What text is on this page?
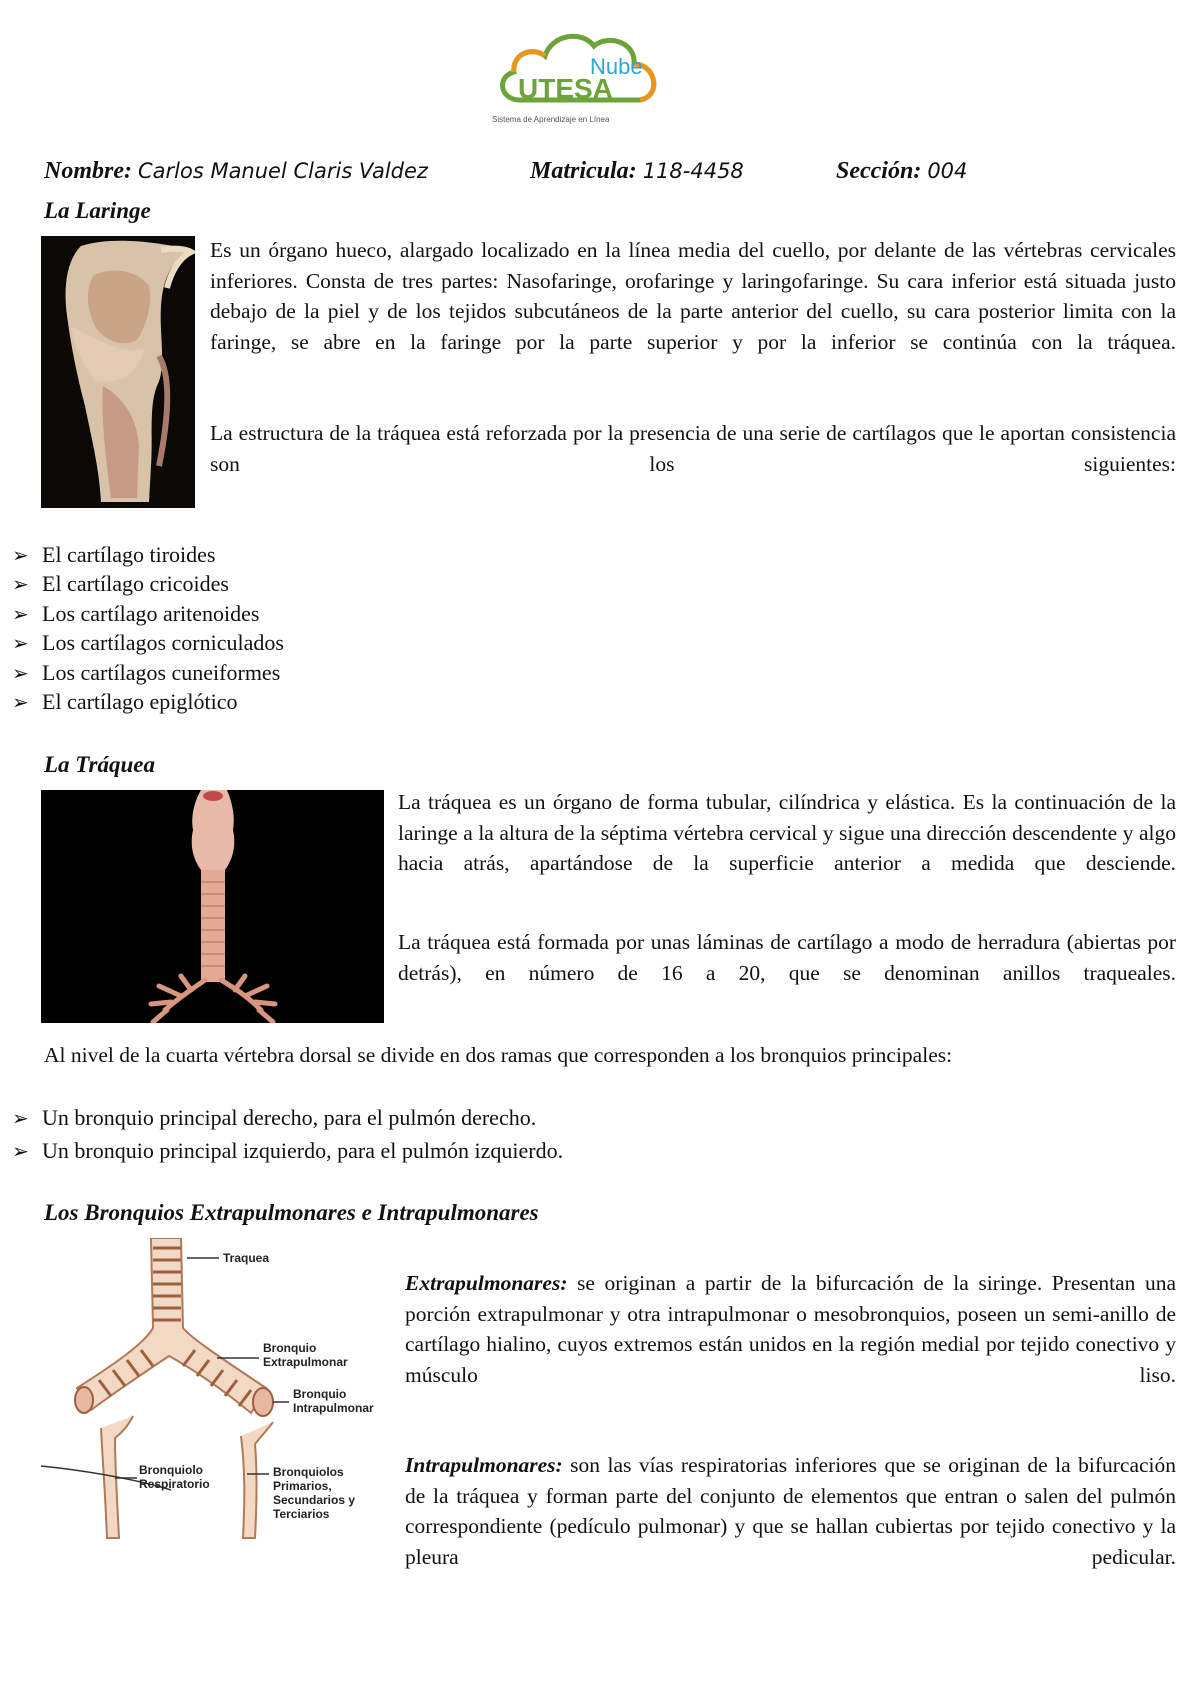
Nube
UTESA
Sistema de Aprendizaje en Línea
Nombre: Carlos Manuel Claris Valdez	Matricula: 118-4458	Sección: 004
La Laringe
Es un órgano hueco, alargado localizado en la línea media del cuello, por delante de las vértebras cervicales inferiores. Consta de tres partes: Nasofaringe, orofaringe y laringofaringe. Su cara inferior está situada justo debajo de la piel y de los tejidos subcutáneos de la parte anterior del cuello, su cara posterior limita con la faringe, se abre en la faringe por la parte superior y por la inferior se continúa con la tráquea.
La estructura de la tráquea está reforzada por la presencia de una serie de cartílagos que le aportan consistencia son los siguientes:
➢ El cartílago tiroides
➢ El cartílago cricoides
➢ Los cartílago aritenoides
➢ Los cartílagos corniculados
➢ Los cartílagos cuneiformes
➢ El cartílago epiglótico
La Tráquea
La tráquea es un órgano de forma tubular, cilíndrica y elástica. Es la continuación de la laringe a la altura de la séptima vértebra cervical y sigue una dirección descendente y algo hacia atrás, apartándose de la superficie anterior a medida que desciende.
La tráquea está formada por unas láminas de cartílago a modo de herradura (abiertas por detrás), en número de 16 a 20, que se denominan anillos traqueales.
Al nivel de la cuarta vértebra dorsal se divide en dos ramas que corresponden a los bronquios principales:
➢ Un bronquio principal derecho, para el pulmón derecho.
➢ Un bronquio principal izquierdo, para el pulmón izquierdo.
Los Bronquios Extrapulmonares e Intrapulmonares
Traquea
Bronquio
Extrapulmonar
Bronquio
Intrapulmonar
Bronquiolo
Respiratorio
Bronquiolos
Primarios,
Secundarios y
Terciarios
Extrapulmonares: se originan a partir de la bifurcación de la siringe. Presentan una porción extrapulmonar y otra intrapulmonar o mesobronquios, poseen un semi-anillo de cartílago hialino, cuyos extremos están unidos en la región medial por tejido conectivo y músculo liso.
Intrapulmonares: son las vías respiratorias inferiores que se originan de la bifurcación de la tráquea y forman parte del conjunto de elementos que entran o salen del pulmón correspondiente (pedículo pulmonar) y que se hallan cubiertas por tejido conectivo y la pleura pedicular.
